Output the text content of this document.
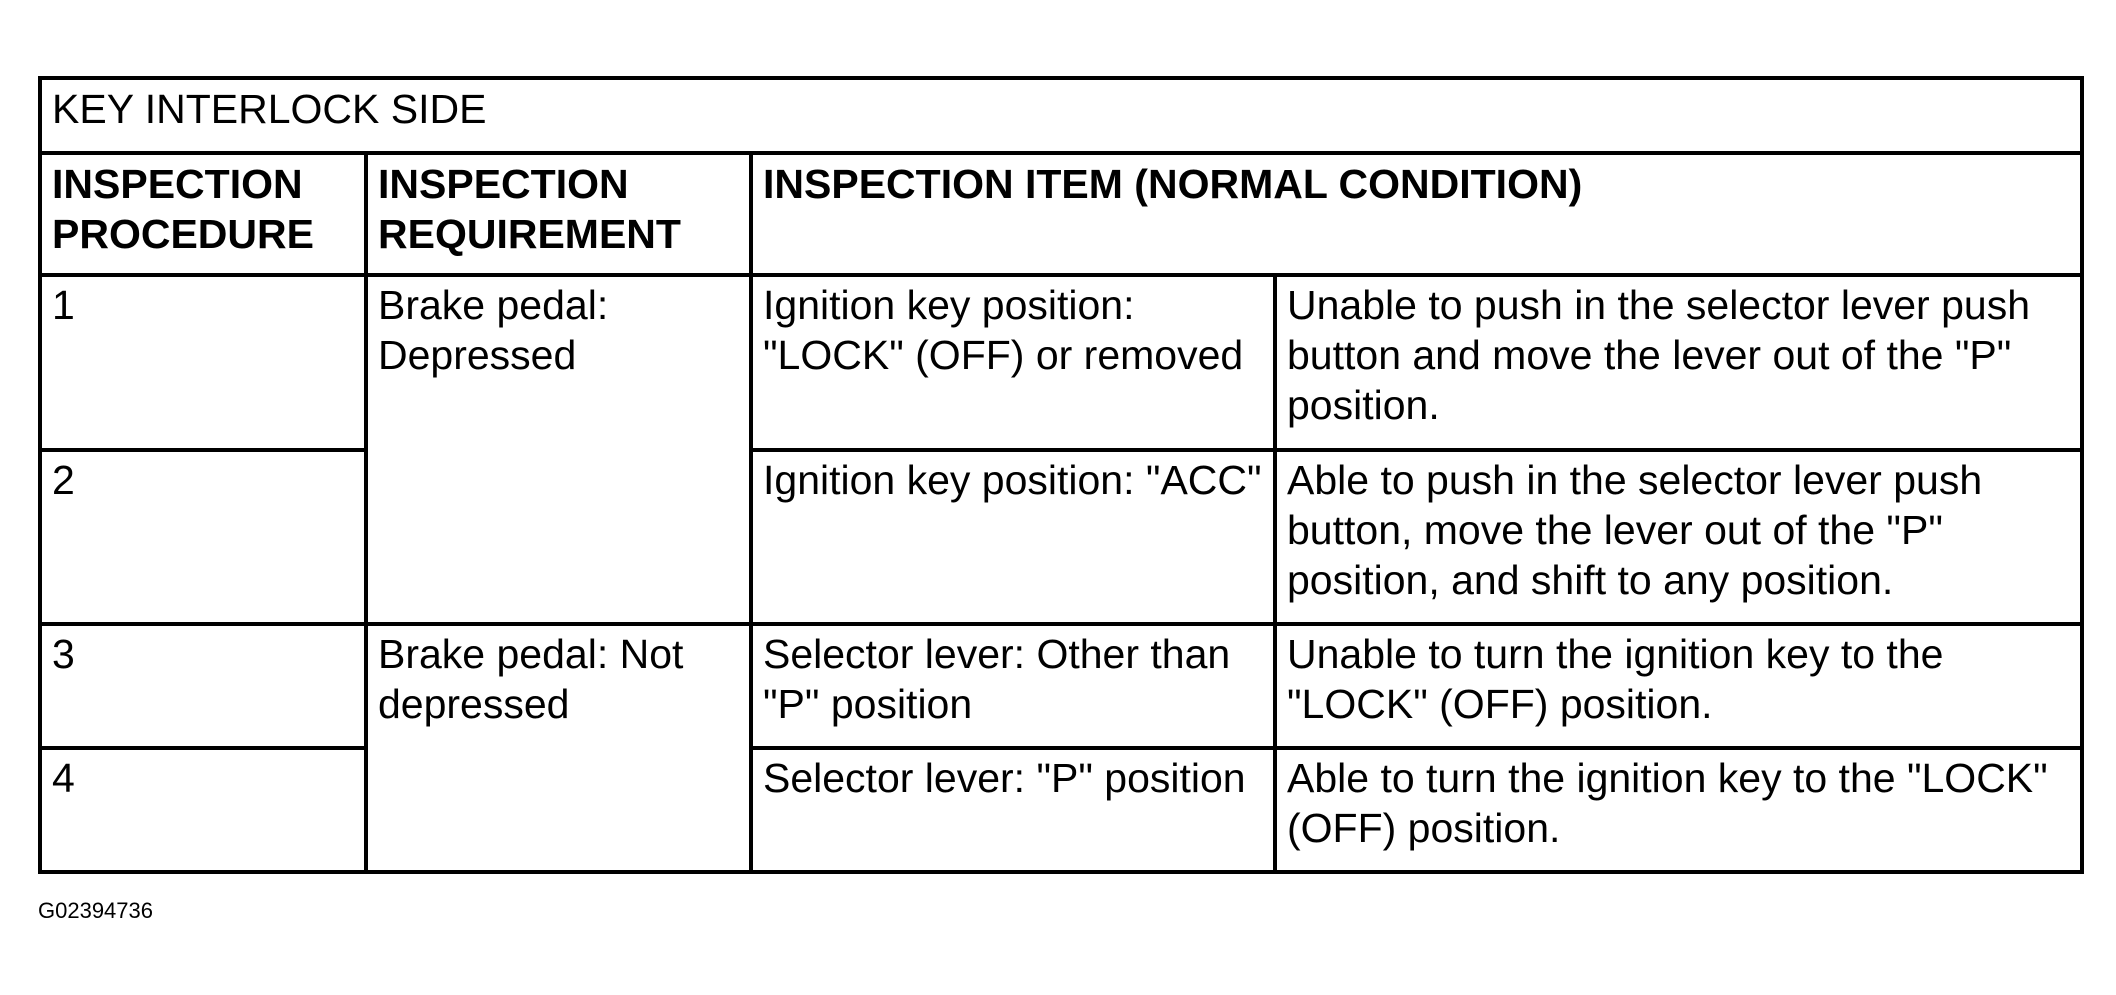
KEY INTERLOCK SIDE			
INSPECTION PROCEDURE	INSPECTION REQUIREMENT	INSPECTION ITEM (NORMAL CONDITION)	
1	Brake pedal: Depressed	Ignition key position: "LOCK" (OFF) or removed	Unable to push in the selector lever push button and move the lever out of the "P" position.
2		Ignition key position: "ACC"	Able to push in the selector lever push button, move the lever out of the "P" position, and shift to any position.
3	Brake pedal: Not depressed	Selector lever: Other than "P" position	Unable to turn the ignition key to the "LOCK" (OFF) position.
4		Selector lever: "P" position	Able to turn the ignition key to the "LOCK" (OFF) position.
G02394736
